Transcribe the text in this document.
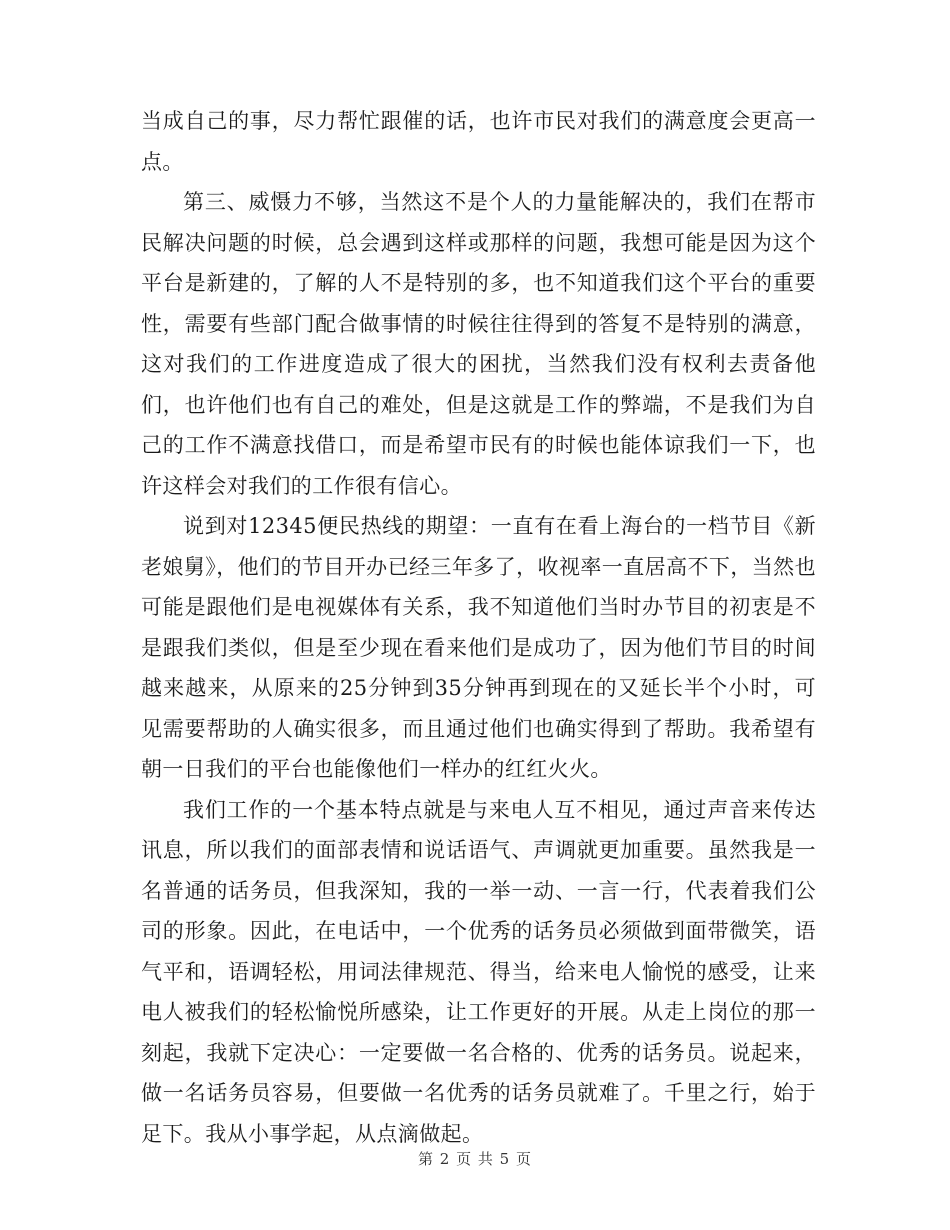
当成自己的事，尽力帮忙跟催的话，也许市民对我们的满意度会更高一点。

第三、威慑力不够，当然这不是个人的力量能解决的，我们在帮市民解决问题的时候，总会遇到这样或那样的问题，我想可能是因为这个平台是新建的，了解的人不是特别的多，也不知道我们这个平台的重要性，需要有些部门配合做事情的时候往往得到的答复不是特别的满意，这对我们的工作进度造成了很大的困扰，当然我们没有权利去责备他们，也许他们也有自己的难处，但是这就是工作的弊端，不是我们为自己的工作不满意找借口，而是希望市民有的时候也能体谅我们一下，也许这样会对我们的工作很有信心。

说到对12345便民热线的期望：一直有在看上海台的一档节目《新老娘舅》，他们的节目开办已经三年多了，收视率一直居高不下，当然也可能是跟他们是电视媒体有关系，我不知道他们当时办节目的初衷是不是跟我们类似，但是至少现在看来他们是成功了，因为他们节目的时间越来越来，从原来的25分钟到35分钟再到现在的又延长半个小时，可见需要帮助的人确实很多，而且通过他们也确实得到了帮助。我希望有朝一日我们的平台也能像他们一样办的红红火火。

我们工作的一个基本特点就是与来电人互不相见，通过声音来传达讯息，所以我们的面部表情和说话语气、声调就更加重要。虽然我是一名普通的话务员，但我深知，我的一举一动、一言一行，代表着我们公司的形象。因此，在电话中，一个优秀的话务员必须做到面带微笑，语气平和，语调轻松，用词法律规范、得当，给来电人愉悦的感受，让来电人被我们的轻松愉悦所感染，让工作更好的开展。从走上岗位的那一刻起，我就下定决心：一定要做一名合格的、优秀的话务员。说起来，做一名话务员容易，但要做一名优秀的话务员就难了。千里之行，始于足下。我从小事学起，从点滴做起。

第 2 页 共 5 页
